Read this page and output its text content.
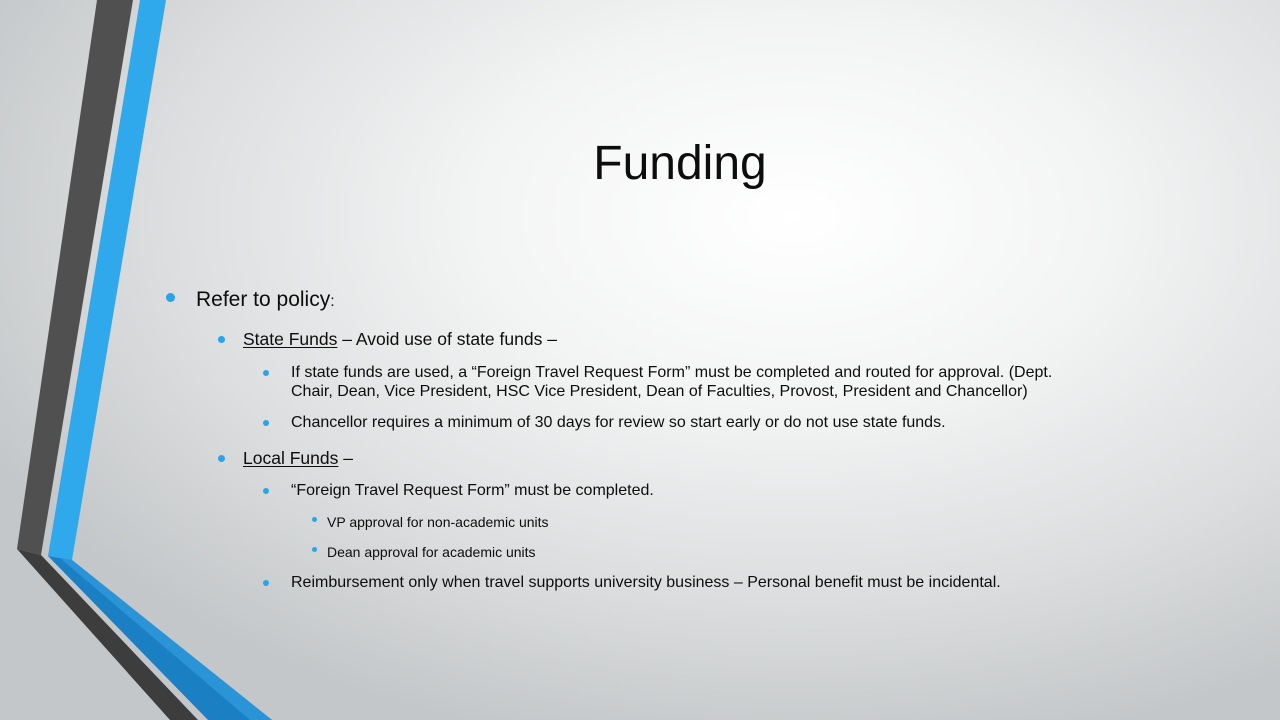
Funding
Refer to policy:
State Funds – Avoid use of state funds –
If state funds are used, a “Foreign Travel Request Form” must be completed and routed for approval. (Dept.
Chair, Dean, Vice President, HSC Vice President, Dean of Faculties, Provost, President and Chancellor)
Chancellor requires a minimum of 30 days for review so start early or do not use state funds.
Local Funds –
“Foreign Travel Request Form” must be completed.
VP approval for non-academic units
Dean approval for academic units
Reimbursement only when travel supports university business – Personal benefit must be incidental.
